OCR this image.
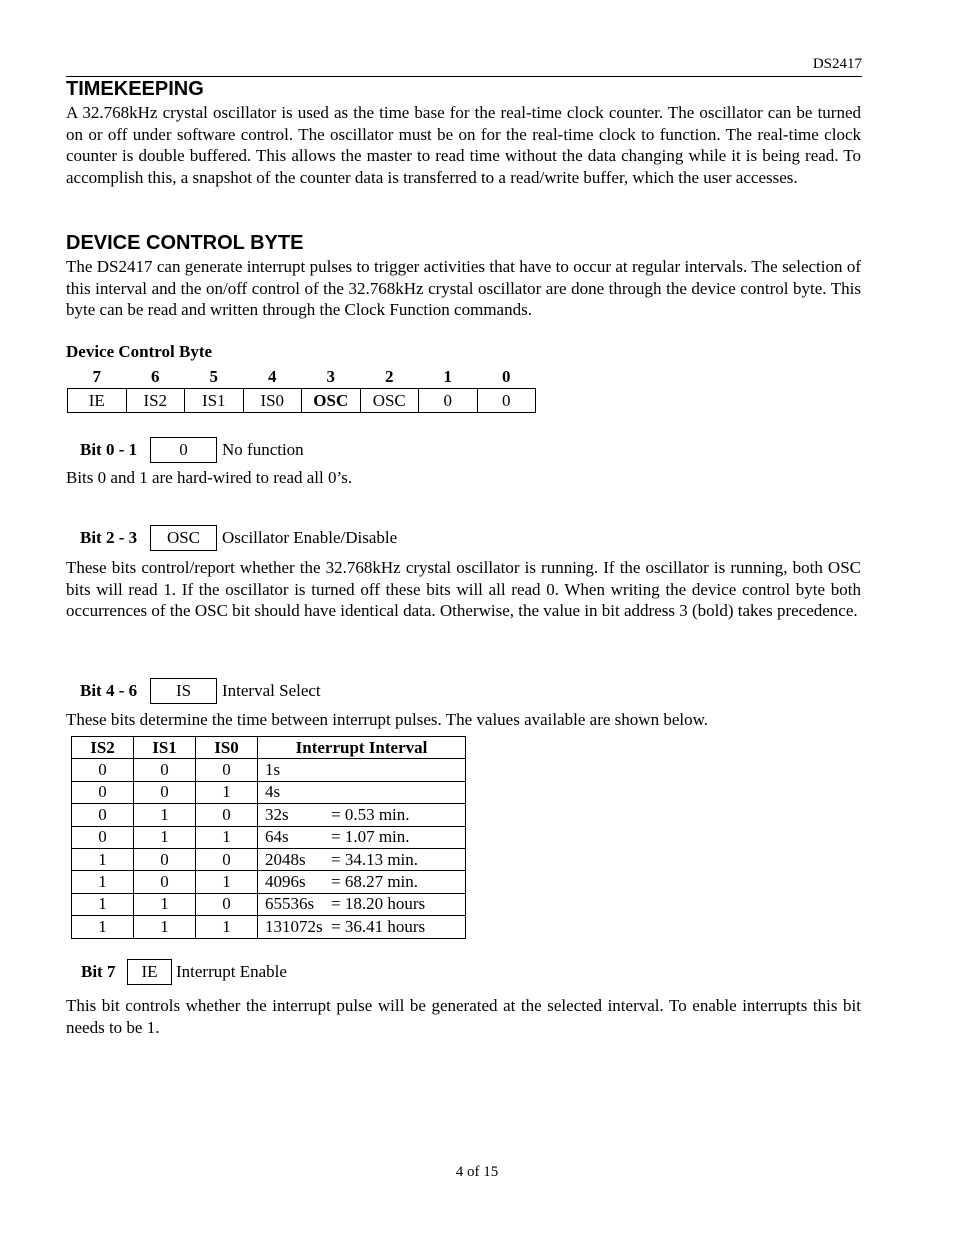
DS2417
TIMEKEEPING

A 32.768kHz crystal oscillator is used as the time base for the real-time clock counter. The oscillator can be turned on or off under software control. The oscillator must be on for the real-time clock to function. The real-time clock counter is double buffered. This allows the master to read time without the data changing while it is being read. To accomplish this, a snapshot of the counter data is transferred to a read/write buffer, which the user accesses.

DEVICE CONTROL BYTE

The DS2417 can generate interrupt pulses to trigger activities that have to occur at regular intervals. The selection of this interval and the on/off control of the 32.768kHz crystal oscillator are done through the device control byte. This byte can be read and written through the Clock Function commands.

Device Control Byte
7	6	5	4	3	2	1	0
IE	IS2	IS1	IS0	OSC	OSC	0	0
Bit 0 - 1	0	No function
Bits 0 and 1 are hard-wired to read all 0’s.
Bit 2 - 3	OSC	Oscillator Enable/Disable

These bits control/report whether the 32.768kHz crystal oscillator is running. If the oscillator is running, both OSC bits will read 1. If the oscillator is turned off these bits will all read 0. When writing the device control byte both occurrences of the OSC bit should have identical data. Otherwise, the value in bit address 3 (bold) takes precedence.

Bit 4 - 6	IS	Interval Select
These bits determine the time between interrupt pulses. The values available are shown below.
IS2	IS1	IS0	Interrupt Interval
0	0	0	1s
0	0	1	4s
0	1	0	32s = 0.53 min.
0	1	1	64s = 1.07 min.
1	0	0	2048s = 34.13 min.
1	0	1	4096s = 68.27 min.
1	1	0	65536s = 18.20 hours
1	1	1	131072s = 36.41 hours
Bit 7	IE	Interrupt Enable

This bit controls whether the interrupt pulse will be generated at the selected interval. To enable interrupts this bit needs to be 1.

4 of 15
